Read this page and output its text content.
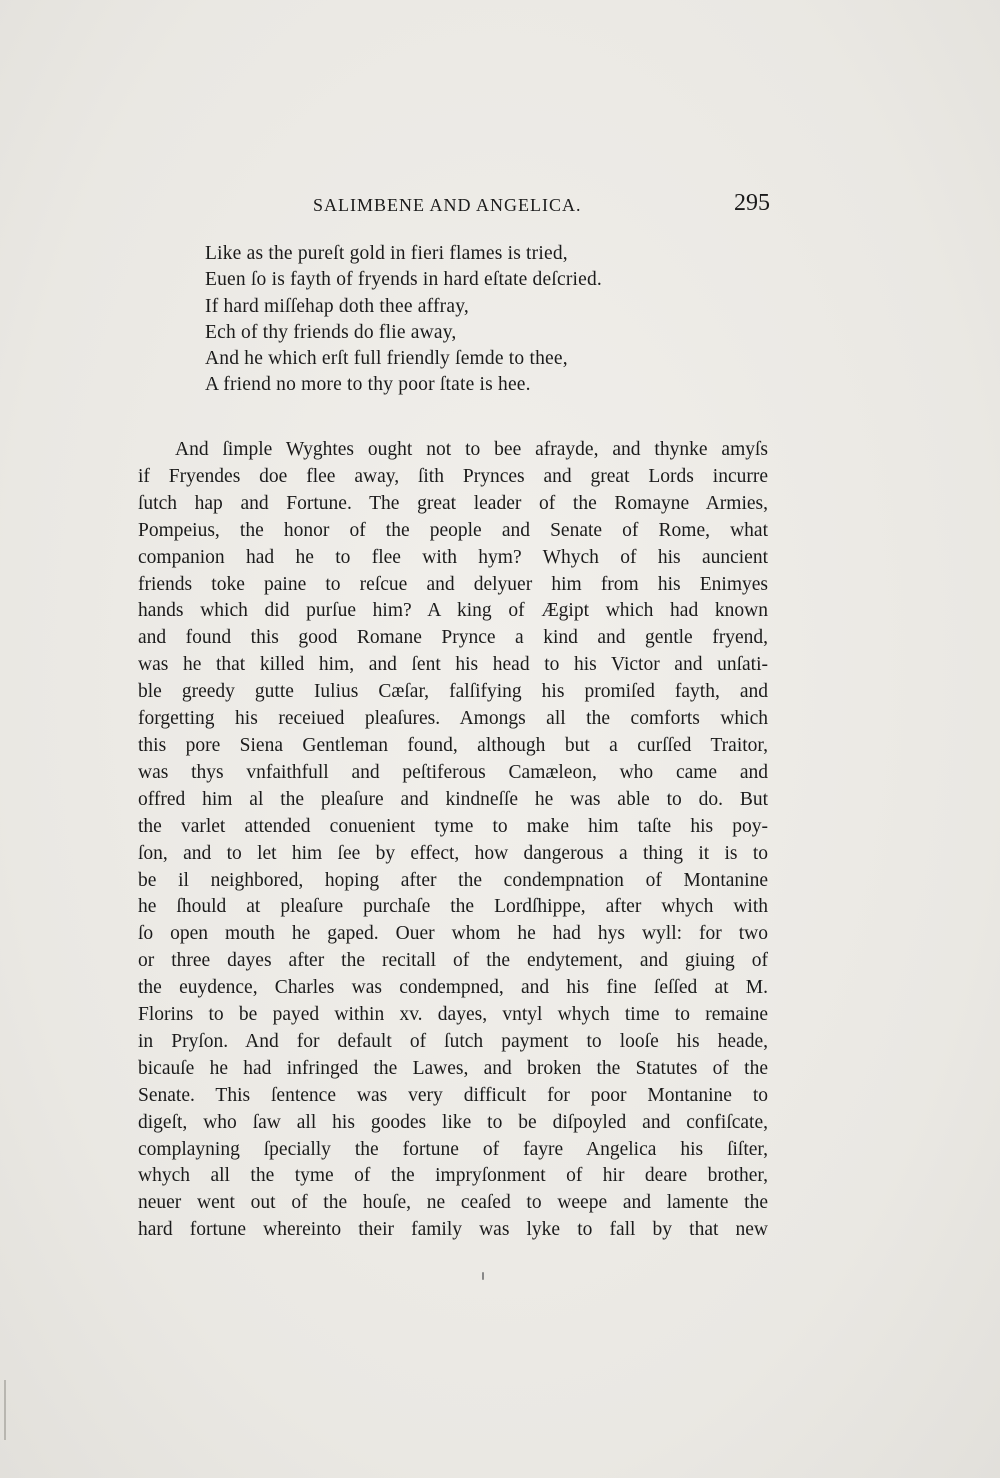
SALIMBENE AND ANGELICA.	295
Like as the pureſt gold in fieri flames is tried,
Euen ſo is fayth of fryends in hard eſtate deſcried.
If hard miſſehap doth thee affray,
Ech of thy friends do flie away,
And he which erſt full friendly ſemde to thee,
A friend no more to thy poor ſtate is hee.
And ſimple Wyghtes ought not to bee afrayde, and thynke amyſs
if Fryendes doe flee away, ſith Prynces and great Lords incurre
ſutch hap and Fortune. The great leader of the Romayne Armies,
Pompeius, the honor of the people and Senate of Rome, what
companion had he to flee with hym? Whych of his auncient
friends toke paine to reſcue and delyuer him from his Enimyes
hands which did purſue him? A king of Ægipt which had known
and found this good Romane Prynce a kind and gentle fryend,
was he that killed him, and ſent his head to his Victor and unſati-
ble greedy gutte Iulius Cæſar, falſifying his promiſed fayth, and
forgetting his receiued pleaſures. Amongs all the comforts which
this pore Siena Gentleman found, although but a curſſed Traitor,
was thys vnfaithfull and peſtiferous Camæleon, who came and
offred him al the pleaſure and kindneſſe he was able to do. But
the varlet attended conuenient tyme to make him taſte his poy-
ſon, and to let him ſee by effect, how dangerous a thing it is to
be il neighbored, hoping after the condempnation of Montanine
he ſhould at pleaſure purchaſe the Lordſhippe, after whych with
ſo open mouth he gaped. Ouer whom he had hys wyll: for two
or three dayes after the recitall of the endytement, and giuing of
the euydence, Charles was condempned, and his fine ſeſſed at M.
Florins to be payed within xv. dayes, vntyl whych time to remaine
in Pryſon. And for default of ſutch payment to looſe his heade,
bicauſe he had infringed the Lawes, and broken the Statutes of the
Senate. This ſentence was very difficult for poor Montanine to
digeſt, who ſaw all his goodes like to be diſpoyled and confiſcate,
complayning ſpecially the fortune of fayre Angelica his ſiſter,
whych all the tyme of the impryſonment of hir deare brother,
neuer went out of the houſe, ne ceaſed to weepe and lamente the
hard fortune whereinto their family was lyke to fall by that new
